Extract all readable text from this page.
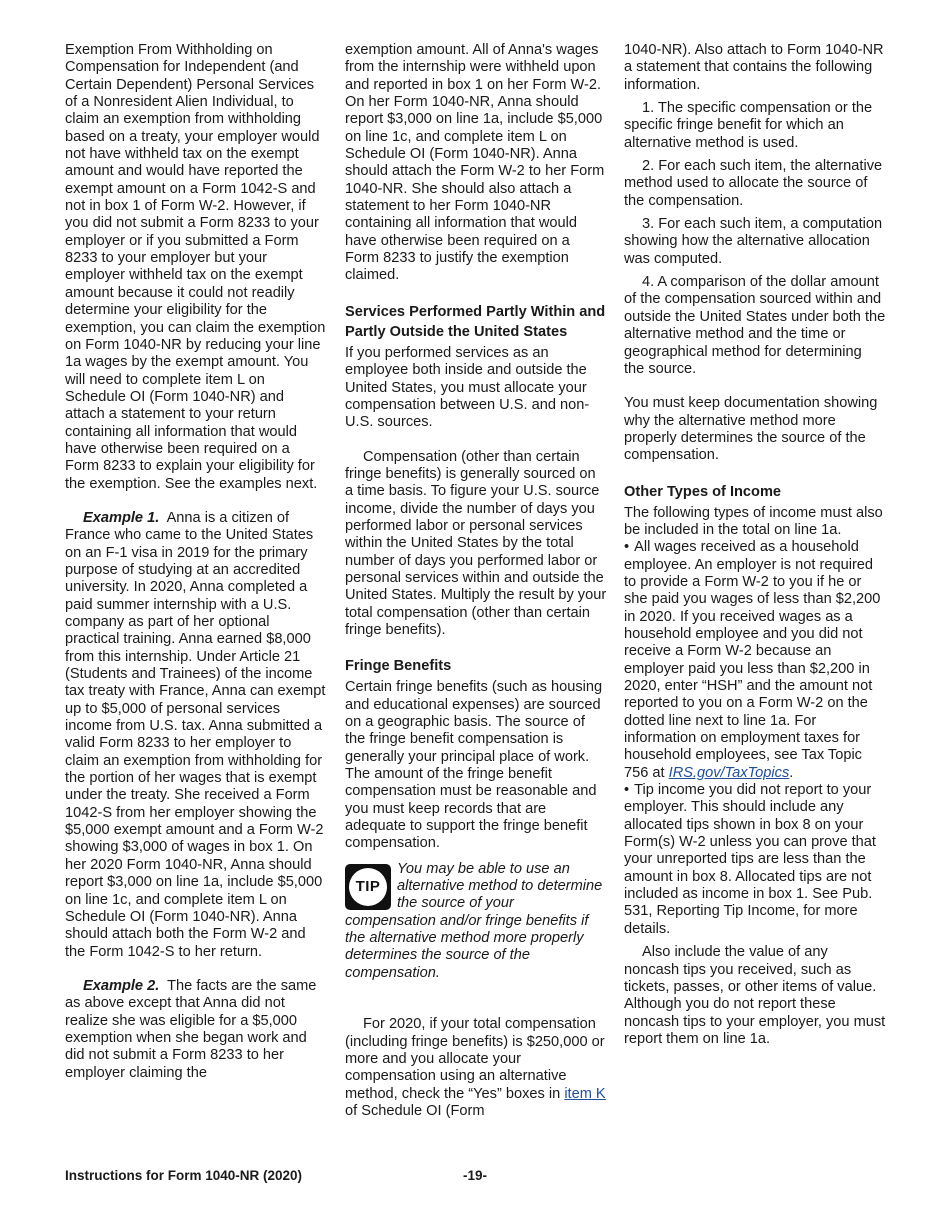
Exemption From Withholding on Compensation for Independent (and Certain Dependent) Personal Services of a Nonresident Alien Individual, to claim an exemption from withholding based on a treaty, your employer would not have withheld tax on the exempt amount and would have reported the exempt amount on a Form 1042-S and not in box 1 of Form W-2. However, if you did not submit a Form 8233 to your employer or if you submitted a Form 8233 to your employer but your employer withheld tax on the exempt amount because it could not readily determine your eligibility for the exemption, you can claim the exemption on Form 1040-NR by reducing your line 1a wages by the exempt amount. You will need to complete item L on Schedule OI (Form 1040-NR) and attach a statement to your return containing all information that would have otherwise been required on a Form 8233 to explain your eligibility for the exemption. See the examples next.

Example 1. Anna is a citizen of France who came to the United States on an F-1 visa in 2019 for the primary purpose of studying at an accredited university. In 2020, Anna completed a paid summer internship with a U.S. company as part of her optional practical training. Anna earned $8,000 from this internship. Under Article 21 (Students and Trainees) of the income tax treaty with France, Anna can exempt up to $5,000 of personal services income from U.S. tax. Anna submitted a valid Form 8233 to her employer to claim an exemption from withholding for the portion of her wages that is exempt under the treaty. She received a Form 1042-S from her employer showing the $5,000 exempt amount and a Form W-2 showing $3,000 of wages in box 1. On her 2020 Form 1040-NR, Anna should report $3,000 on line 1a, include $5,000 on line 1c, and complete item L on Schedule OI (Form 1040-NR). Anna should attach both the Form W-2 and the Form 1042-S to her return.

Example 2. The facts are the same as above except that Anna did not realize she was eligible for a $5,000 exemption when she began work and did not submit a Form 8233 to her employer claiming the

exemption amount. All of Anna's wages from the internship were withheld upon and reported in box 1 on her Form W-2. On her Form 1040-NR, Anna should report $3,000 on line 1a, include $5,000 on line 1c, and complete item L on Schedule OI (Form 1040-NR). Anna should attach the Form W-2 to her Form 1040-NR. She should also attach a statement to her Form 1040-NR containing all information that would have otherwise been required on a Form 8233 to justify the exemption claimed.

Services Performed Partly Within and Partly Outside the United States

If you performed services as an employee both inside and outside the United States, you must allocate your compensation between U.S. and non-U.S. sources.

Compensation (other than certain fringe benefits) is generally sourced on a time basis. To figure your U.S. source income, divide the number of days you performed labor or personal services within the United States by the total number of days you performed labor or personal services within and outside the United States. Multiply the result by your total compensation (other than certain fringe benefits).

Fringe Benefits

Certain fringe benefits (such as housing and educational expenses) are sourced on a geographic basis. The source of the fringe benefit compensation is generally your principal place of work. The amount of the fringe benefit compensation must be reasonable and you must keep records that are adequate to support the fringe benefit compensation.

TIP
You may be able to use an alternative method to determine the source of your compensation and/or fringe benefits if the alternative method more properly determines the source of the compensation.

For 2020, if your total compensation (including fringe benefits) is $250,000 or more and you allocate your compensation using an alternative method, check the “Yes” boxes in item K of Schedule OI (Form

1040-NR). Also attach to Form 1040-NR a statement that contains the following information.

1. The specific compensation or the specific fringe benefit for which an alternative method is used.

2. For each such item, the alternative method used to allocate the source of the compensation.

3. For each such item, a computation showing how the alternative allocation was computed.

4. A comparison of the dollar amount of the compensation sourced within and outside the United States under both the alternative method and the time or geographical method for determining the source.

You must keep documentation showing why the alternative method more properly determines the source of the compensation.

Other Types of Income

The following types of income must also be included in the total on line 1a.

• All wages received as a household employee. An employer is not required to provide a Form W-2 to you if he or she paid you wages of less than $2,200 in 2020. If you received wages as a household employee and you did not receive a Form W-2 because an employer paid you less than $2,200 in 2020, enter “HSH” and the amount not reported to you on a Form W-2 on the dotted line next to line 1a. For information on employment taxes for household employees, see Tax Topic 756 at IRS.gov/TaxTopics.

• Tip income you did not report to your employer. This should include any allocated tips shown in box 8 on your Form(s) W-2 unless you can prove that your unreported tips are less than the amount in box 8. Allocated tips are not included as income in box 1. See Pub. 531, Reporting Tip Income, for more details.

Also include the value of any noncash tips you received, such as tickets, passes, or other items of value. Although you do not report these noncash tips to your employer, you must report them on line 1a.

Instructions for Form 1040-NR (2020)	-19-
